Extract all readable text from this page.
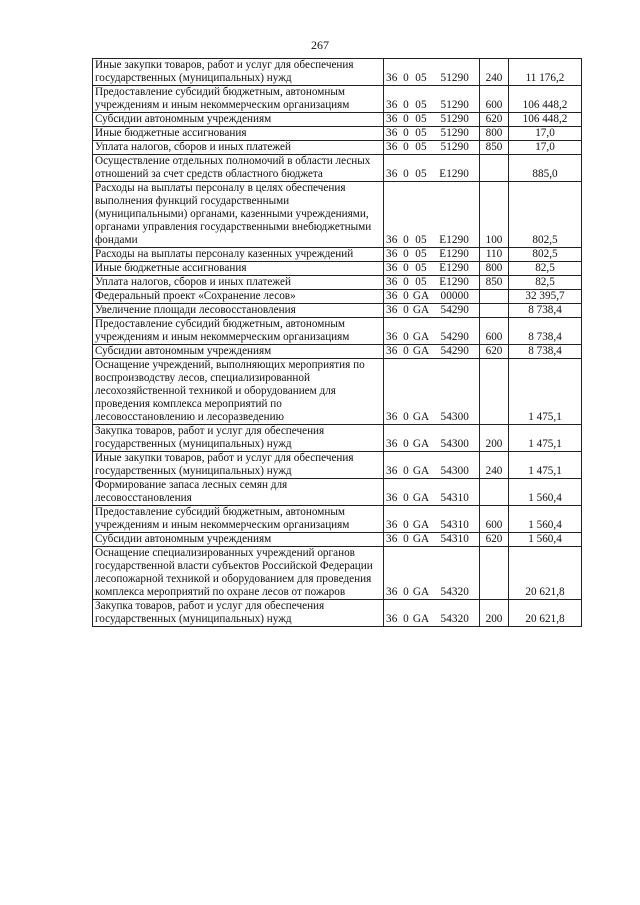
267
Иные закупки товаров, работ и услуг для обеспечения государственных (муниципальных) нужд	36 0 05 51290	240	11 176,2
Предоставление субсидий бюджетным, автономным учреждениям и иным некоммерческим организациям	36 0 05 51290	600	106 448,2
Субсидии автономным учреждениям	36 0 05 51290	620	106 448,2
Иные бюджетные ассигнования	36 0 05 51290	800	17,0
Уплата налогов, сборов и иных платежей	36 0 05 51290	850	17,0
Осуществление отдельных полномочий в области лесных отношений за счет средств областного бюджета	36 0 05 E1290		885,0
Расходы на выплаты персоналу в целях обеспечения выполнения функций государственными (муниципальными) органами, казенными учреждениями, органами управления государственными внебюджетными фондами	36 0 05 E1290	100	802,5
Расходы на выплаты персоналу казенных учреждений	36 0 05 E1290	110	802,5
Иные бюджетные ассигнования	36 0 05 E1290	800	82,5
Уплата налогов, сборов и иных платежей	36 0 05 E1290	850	82,5
Федеральный проект «Сохранение лесов»	36 0 GA 00000		32 395,7
Увеличение площади лесовосстановления	36 0 GA 54290		8 738,4
Предоставление субсидий бюджетным, автономным учреждениям и иным некоммерческим организациям	36 0 GA 54290	600	8 738,4
Субсидии автономным учреждениям	36 0 GA 54290	620	8 738,4
Оснащение учреждений, выполняющих мероприятия по воспроизводству лесов, специализированной лесохозяйственной техникой и оборудованием для проведения комплекса мероприятий по лесовосстановлению и лесоразведению	36 0 GA 54300		1 475,1
Закупка товаров, работ и услуг для обеспечения государственных (муниципальных) нужд	36 0 GA 54300	200	1 475,1
Иные закупки товаров, работ и услуг для обеспечения государственных (муниципальных) нужд	36 0 GA 54300	240	1 475,1
Формирование запаса лесных семян для лесовосстановления	36 0 GA 54310		1 560,4
Предоставление субсидий бюджетным, автономным учреждениям и иным некоммерческим организациям	36 0 GA 54310	600	1 560,4
Субсидии автономным учреждениям	36 0 GA 54310	620	1 560,4
Оснащение специализированных учреждений органов государственной власти субъектов Российской Федерации лесопожарной техникой и оборудованием для проведения комплекса мероприятий по охране лесов от пожаров	36 0 GA 54320		20 621,8
Закупка товаров, работ и услуг для обеспечения государственных (муниципальных) нужд	36 0 GA 54320	200	20 621,8
